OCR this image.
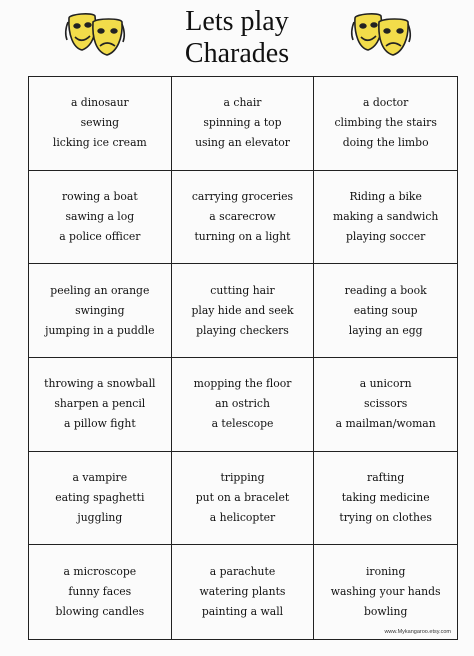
Lets play
Charades
a dinosaur
sewing
licking ice cream
a chair
spinning a top
using an elevator
a doctor
climbing the stairs
doing the limbo
rowing a boat
sawing a log
a police officer
carrying groceries
a scarecrow
turning on a light
Riding a bike
making a sandwich
playing soccer
peeling an orange
swinging
jumping in a puddle
cutting hair
play hide and seek
playing checkers
reading a book
eating soup
laying an egg
throwing a snowball
sharpen a pencil
a pillow fight
mopping the floor
an ostrich
a telescope
a unicorn
scissors
a mailman/woman
a vampire
eating spaghetti
juggling
tripping
put on a bracelet
a helicopter
rafting
taking medicine
trying on clothes
a microscope
funny faces
blowing candles
a parachute
watering plants
painting a wall
ironing
washing your hands
bowling
www.Mykangaroo.etsy.com
